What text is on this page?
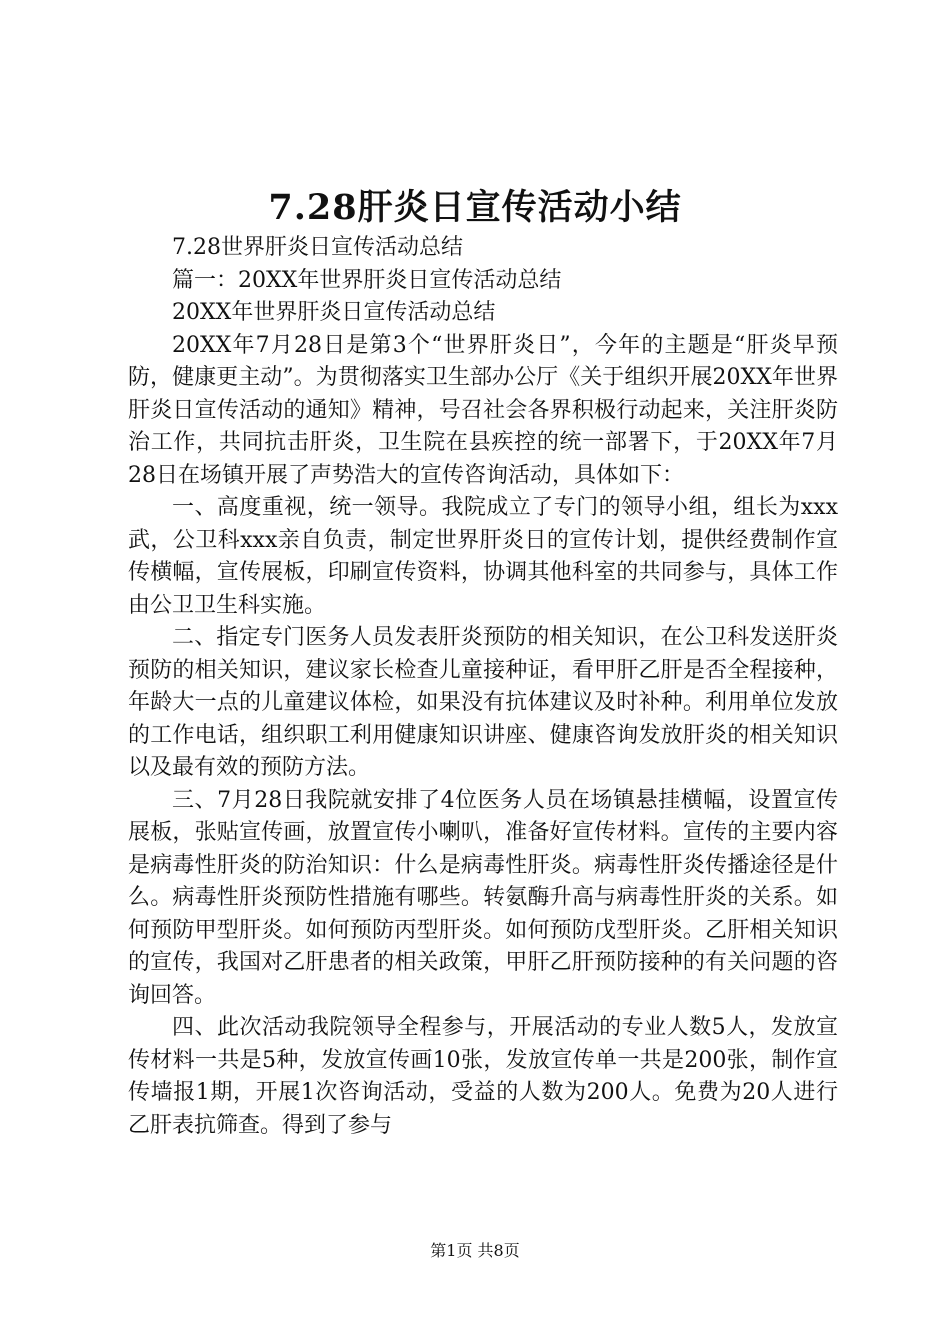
7.28肝炎日宣传活动小结

7.28世界肝炎日宣传活动总结

篇一：20XX年世界肝炎日宣传活动总结

20XX年世界肝炎日宣传活动总结

20XX年7月28日是第3个“世界肝炎日”，今年的主题是“肝炎早预防，健康更主动”。为贯彻落实卫生部办公厅《关于组织开展20XX年世界肝炎日宣传活动的通知》精神，号召社会各界积极行动起来，关注肝炎防治工作，共同抗击肝炎，卫生院在县疾控的统一部署下，于20XX年7月28日在场镇开展了声势浩大的宣传咨询活动，具体如下：

一、高度重视，统一领导。我院成立了专门的领导小组，组长为xxx武，公卫科xxx亲自负责，制定世界肝炎日的宣传计划，提供经费制作宣传横幅，宣传展板，印刷宣传资料，协调其他科室的共同参与，具体工作由公卫卫生科实施。

二、指定专门医务人员发表肝炎预防的相关知识，在公卫科发送肝炎预防的相关知识，建议家长检查儿童接种证，看甲肝乙肝是否全程接种，年龄大一点的儿童建议体检，如果没有抗体建议及时补种。利用单位发放的工作电话，组织职工利用健康知识讲座、健康咨询发放肝炎的相关知识以及最有效的预防方法。

三、7月28日我院就安排了4位医务人员在场镇悬挂横幅，设置宣传展板，张贴宣传画，放置宣传小喇叭，准备好宣传材料。宣传的主要内容是病毒性肝炎的防治知识：什么是病毒性肝炎。病毒性肝炎传播途径是什么。病毒性肝炎预防性措施有哪些。转氨酶升高与病毒性肝炎的关系。如何预防甲型肝炎。如何预防丙型肝炎。如何预防戊型肝炎。乙肝相关知识的宣传，我国对乙肝患者的相关政策，甲肝乙肝预防接种的有关问题的咨询回答。

四、此次活动我院领导全程参与，开展活动的专业人数5人，发放宣传材料一共是5种，发放宣传画10张，发放宣传单一共是200张，制作宣传墙报1期，开展1次咨询活动，受益的人数为200人。免费为20人进行乙肝表抗筛查。得到了参与

第1页 共8页
